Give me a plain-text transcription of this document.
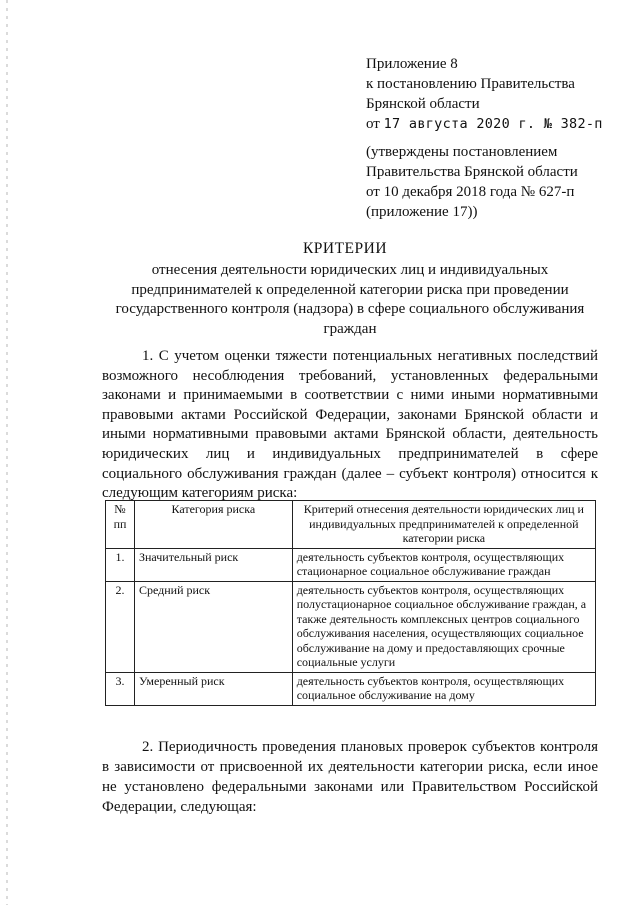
Приложение 8
к постановлению Правительства
Брянской области
от 17 августа 2020 г. № 382-п
(утверждены постановлением
Правительства Брянской области
от 10 декабря 2018 года № 627-п
(приложение 17))
КРИТЕРИИ
отнесения деятельности юридических лиц и индивидуальных предпринимателей к определенной категории риска при проведении государственного контроля (надзора) в сфере социального обслуживания граждан
1. С учетом оценки тяжести потенциальных негативных последствий возможного несоблюдения требований, установленных федеральными законами и принимаемыми в соответствии с ними иными нормативными правовыми актами Российской Федерации, законами Брянской области и иными нормативными правовыми актами Брянской области, деятельность юридических лиц и индивидуальных предпринимателей в сфере социального обслуживания граждан (далее – субъект контроля) относится к следующим категориям риска:
№ пп	Категория риска	Критерий отнесения деятельности юридических лиц и индивидуальных предпринимателей к определенной категории риска
1.	Значительный риск	деятельность субъектов контроля, осуществляющих стационарное социальное обслуживание граждан
2.	Средний риск	деятельность субъектов контроля, осуществляющих полустационарное социальное обслуживание граждан, а также деятельность комплексных центров социального обслуживания населения, осуществляющих социальное обслуживание на дому и предоставляющих срочные социальные услуги
3.	Умеренный риск	деятельность субъектов контроля, осуществляющих социальное обслуживание на дому
2. Периодичность проведения плановых проверок субъектов контроля в зависимости от присвоенной их деятельности категории риска, если иное не установлено федеральными законами или Правительством Российской Федерации, следующая:
